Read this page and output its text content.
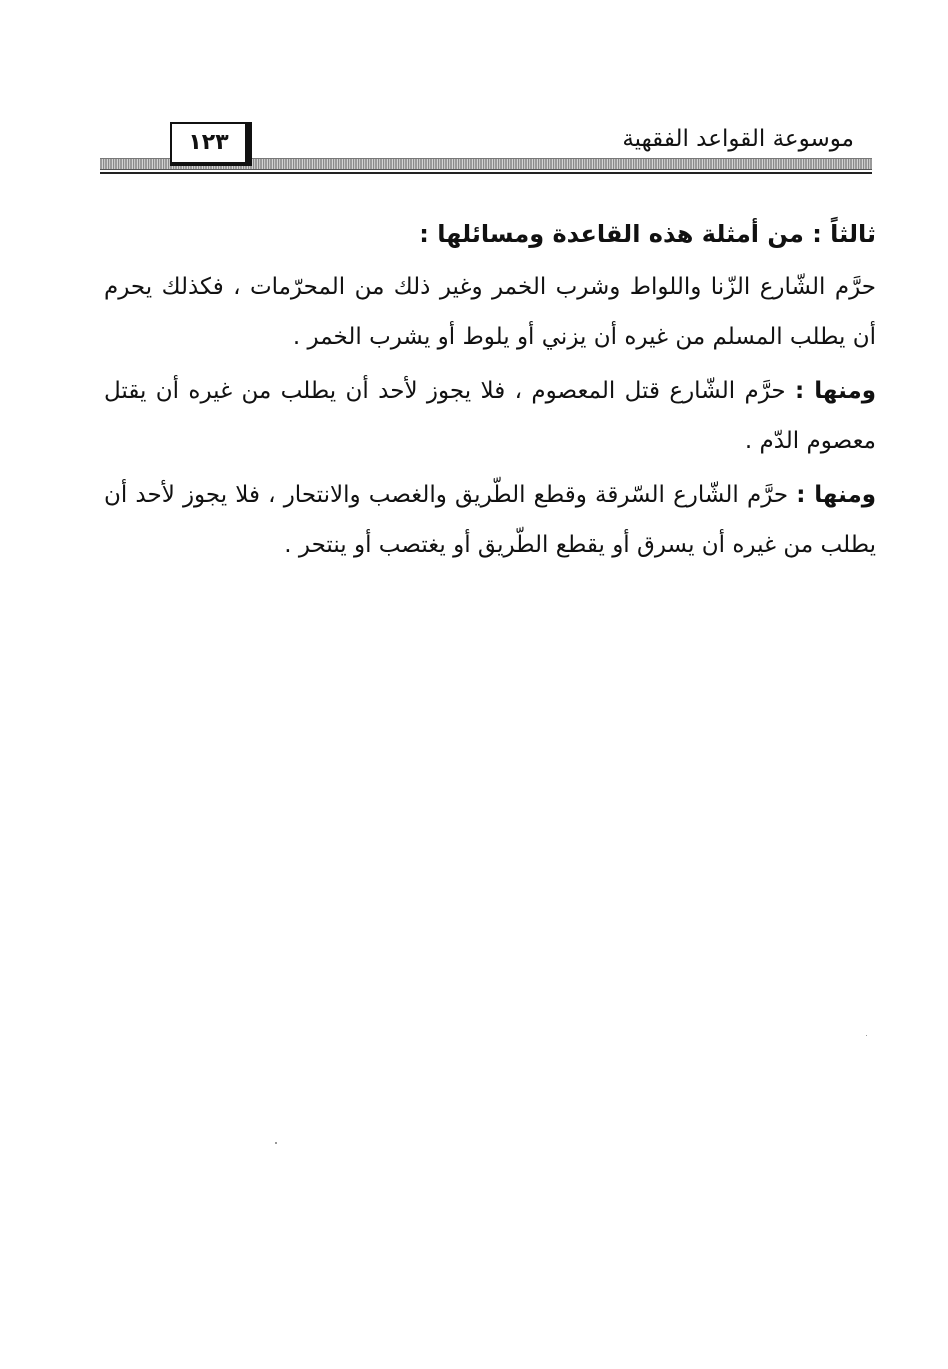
موسوعة القواعد الفقهية
١٢٣
ثالثاً : من أمثلة هذه القاعدة ومسائلها :

حرَّم الشّارع الزّنا واللواط وشرب الخمر وغير ذلك من المحرّمات ، فكذلك يحرم أن يطلب المسلم من غيره أن يزني أو يلوط أو يشرب الخمر .

ومنها : حرَّم الشّارع قتل المعصوم ، فلا يجوز لأحد أن يطلب من غيره أن يقتل معصوم الدّم .

ومنها : حرَّم الشّارع السّرقة وقطع الطّريق والغصب والانتحار ، فلا يجوز لأحد أن يطلب من غيره أن يسرق أو يقطع الطّريق أو يغتصب أو ينتحر .
